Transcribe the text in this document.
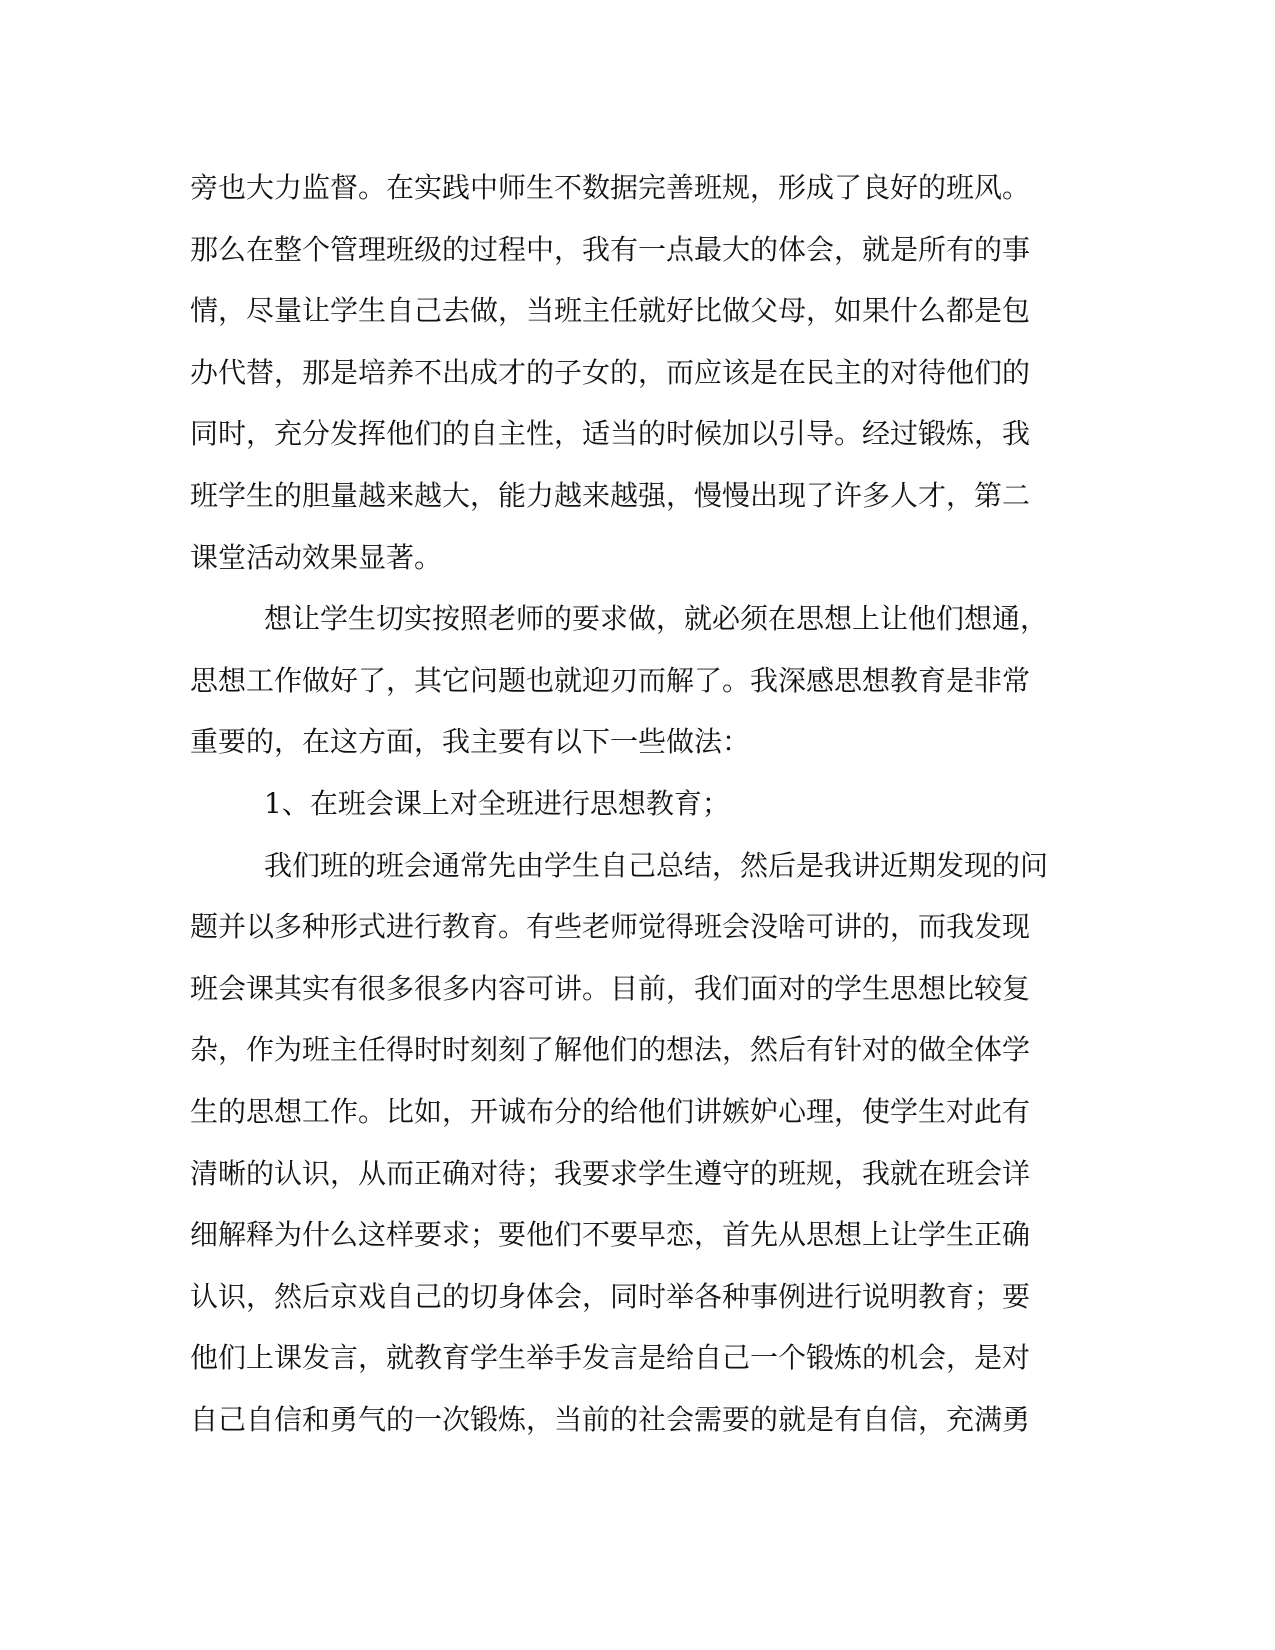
旁也大力监督。在实践中师生不数据完善班规，形成了良好的班风。
那么在整个管理班级的过程中，我有一点最大的体会，就是所有的事
情，尽量让学生自己去做，当班主任就好比做父母，如果什么都是包
办代替，那是培养不出成才的子女的，而应该是在民主的对待他们的
同时，充分发挥他们的自主性，适当的时候加以引导。经过锻炼，我
班学生的胆量越来越大，能力越来越强，慢慢出现了许多人才，第二
课堂活动效果显著。
想让学生切实按照老师的要求做，就必须在思想上让他们想通，
思想工作做好了，其它问题也就迎刃而解了。我深感思想教育是非常
重要的，在这方面，我主要有以下一些做法：
1、在班会课上对全班进行思想教育；
我们班的班会通常先由学生自己总结，然后是我讲近期发现的问
题并以多种形式进行教育。有些老师觉得班会没啥可讲的，而我发现
班会课其实有很多很多内容可讲。目前，我们面对的学生思想比较复
杂，作为班主任得时时刻刻了解他们的想法，然后有针对的做全体学
生的思想工作。比如，开诚布分的给他们讲嫉妒心理，使学生对此有
清晰的认识，从而正确对待；我要求学生遵守的班规，我就在班会详
细解释为什么这样要求；要他们不要早恋，首先从思想上让学生正确
认识，然后京戏自己的切身体会，同时举各种事例进行说明教育；要
他们上课发言，就教育学生举手发言是给自己一个锻炼的机会，是对
自己自信和勇气的一次锻炼，当前的社会需要的就是有自信，充满勇
